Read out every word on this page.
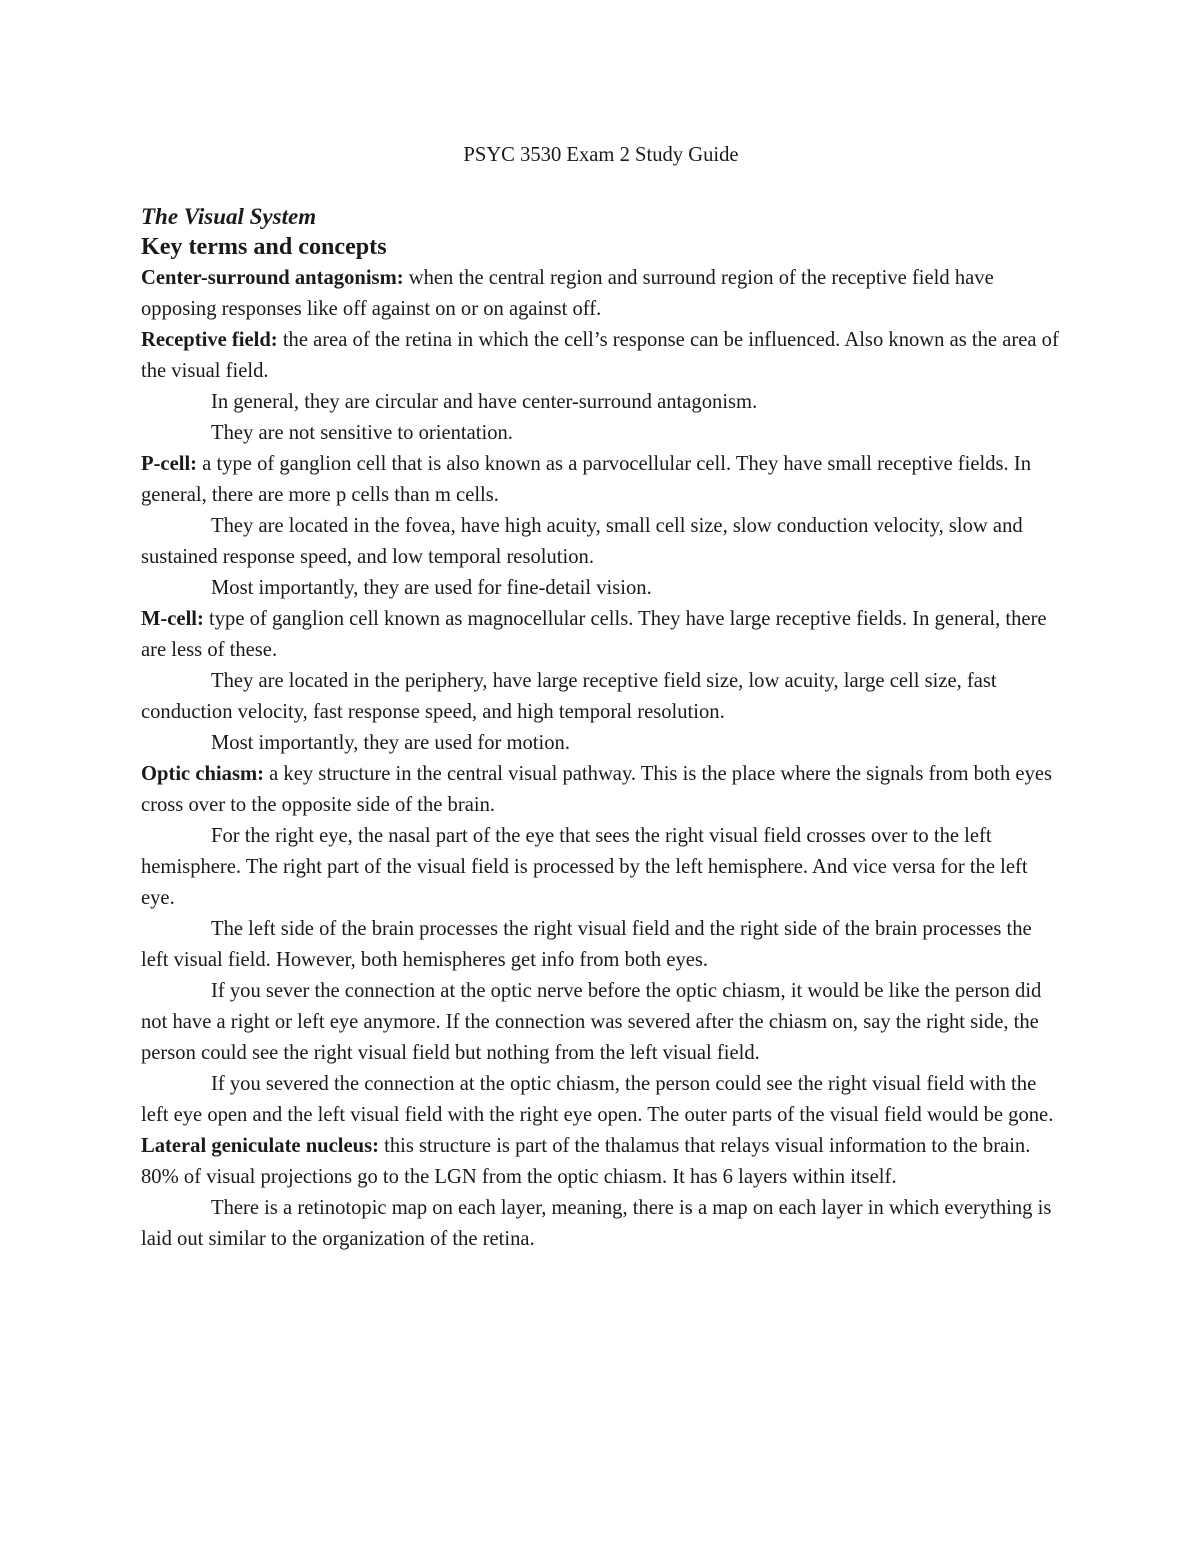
PSYC 3530 Exam 2 Study Guide
The Visual System
Key terms and concepts

Center-surround antagonism: when the central region and surround region of the receptive field have opposing responses like off against on or on against off.

Receptive field: the area of the retina in which the cell’s response can be influenced. Also known as the area of the visual field.

In general, they are circular and have center-surround antagonism.

They are not sensitive to orientation.

P-cell: a type of ganglion cell that is also known as a parvocellular cell. They have small receptive fields. In general, there are more p cells than m cells.

They are located in the fovea, have high acuity, small cell size, slow conduction velocity, slow and sustained response speed, and low temporal resolution.

Most importantly, they are used for fine-detail vision.

M-cell: type of ganglion cell known as magnocellular cells. They have large receptive fields. In general, there are less of these.

They are located in the periphery, have large receptive field size, low acuity, large cell size, fast conduction velocity, fast response speed, and high temporal resolution.

Most importantly, they are used for motion.

Optic chiasm: a key structure in the central visual pathway. This is the place where the signals from both eyes cross over to the opposite side of the brain.

For the right eye, the nasal part of the eye that sees the right visual field crosses over to the left hemisphere. The right part of the visual field is processed by the left hemisphere. And vice versa for the left eye.

The left side of the brain processes the right visual field and the right side of the brain processes the left visual field. However, both hemispheres get info from both eyes.

If you sever the connection at the optic nerve before the optic chiasm, it would be like the person did not have a right or left eye anymore. If the connection was severed after the chiasm on, say the right side, the person could see the right visual field but nothing from the left visual field.

If you severed the connection at the optic chiasm, the person could see the right visual field with the left eye open and the left visual field with the right eye open. The outer parts of the visual field would be gone.

Lateral geniculate nucleus: this structure is part of the thalamus that relays visual information to the brain. 80% of visual projections go to the LGN from the optic chiasm. It has 6 layers within itself.

There is a retinotopic map on each layer, meaning, there is a map on each layer in which everything is laid out similar to the organization of the retina.
